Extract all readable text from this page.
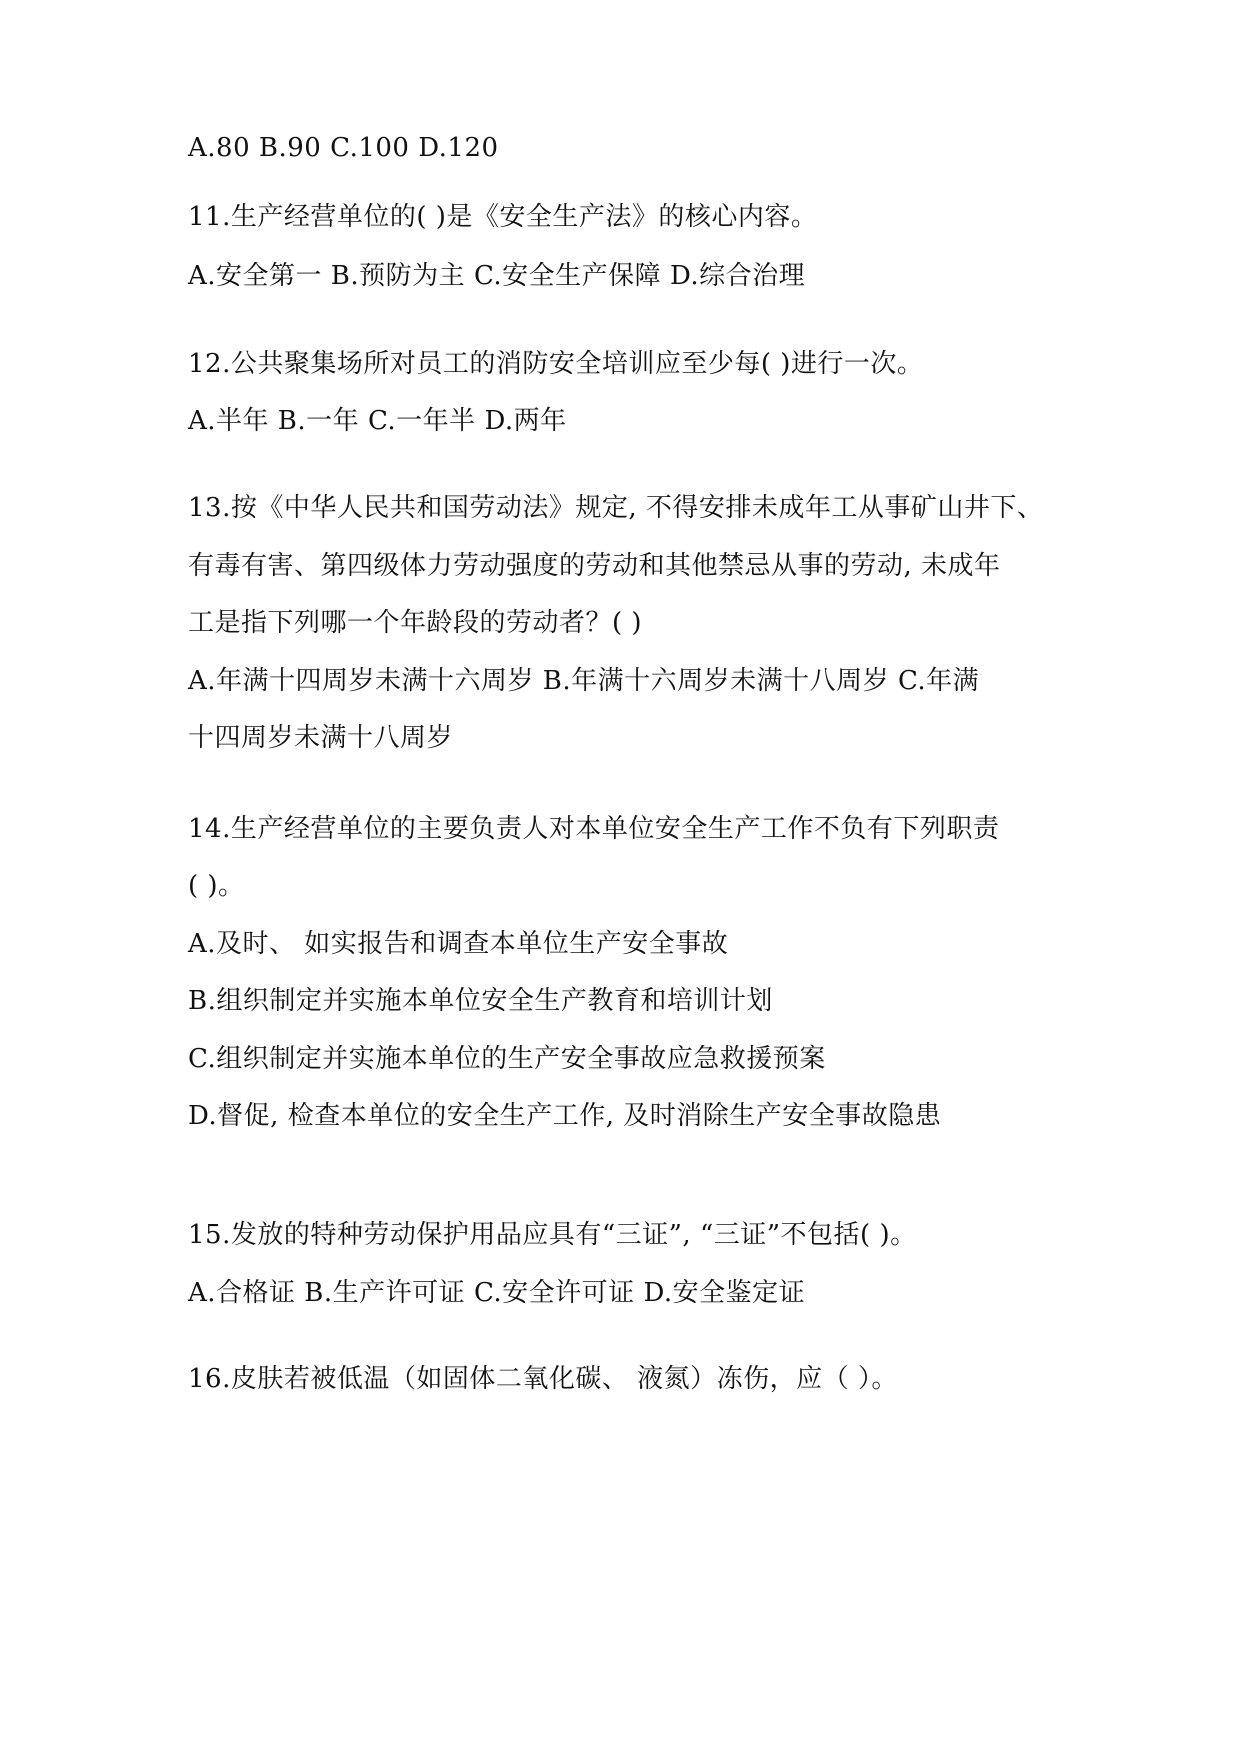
A.80 B.90 C.100 D.120
11.生产经营单位的( )是《安全生产法》的核心内容。
A.安全第一 B.预防为主 C.安全生产保障 D.综合治理
12.公共聚集场所对员工的消防安全培训应至少每( )进行一次。
A.半年 B.一年 C.一年半 D.两年
13.按《中华人民共和国劳动法》规定, 不得安排未成年工从事矿山井下、
有毒有害、第四级体力劳动强度的劳动和其他禁忌从事的劳动, 未成年
工是指下列哪一个年龄段的劳动者？( )
A.年满十四周岁未满十六周岁 B.年满十六周岁未满十八周岁 C.年满
十四周岁未满十八周岁
14.生产经营单位的主要负责人对本单位安全生产工作不负有下列职责
( )。
A.及时、 如实报告和调查本单位生产安全事故
B.组织制定并实施本单位安全生产教育和培训计划
C.组织制定并实施本单位的生产安全事故应急救援预案
D.督促, 检查本单位的安全生产工作, 及时消除生产安全事故隐患
15.发放的特种劳动保护用品应具有“三证”, “三证”不包括( )。
A.合格证 B.生产许可证 C.安全许可证 D.安全鉴定证
16.皮肤若被低温（如固体二氧化碳、 液氮）冻伤，应（ ）。
